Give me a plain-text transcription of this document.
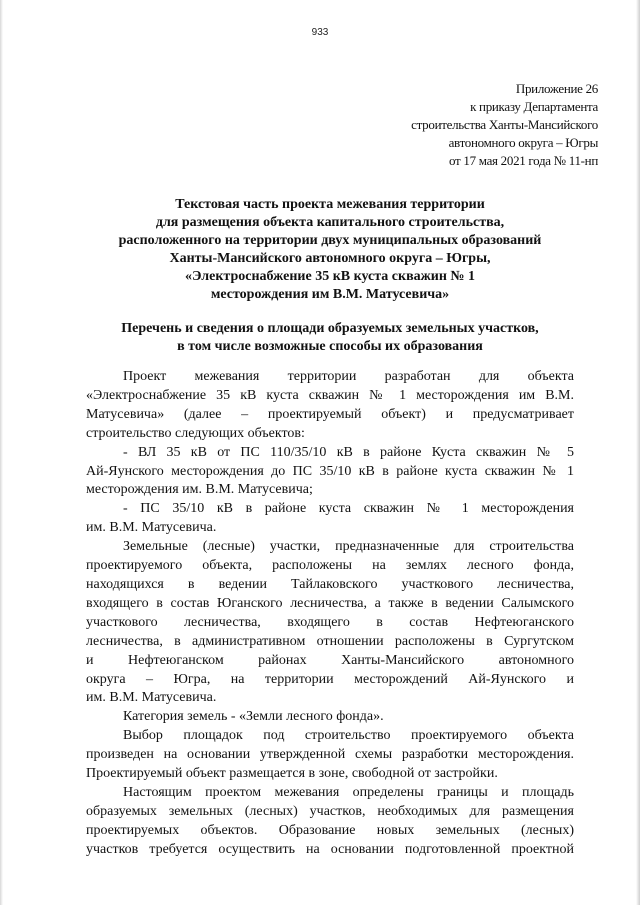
933
Приложение 26
к приказу Департамента
строительства Ханты-Мансийского
автономного округа – Югры
от 17 мая 2021 года № 11-нп
Текстовая часть проекта межевания территории
для размещения объекта капитального строительства,
расположенного на территории двух муниципальных образований
Ханты-Мансийского автономного округа – Югры,
«Электроснабжение 35 кВ куста скважин № 1
месторождения им В.М. Матусевича»
Перечень и сведения о площади образуемых земельных участков,
в том числе возможные способы их образования
Проект межевания территории разработан для объекта
«Электроснабжение 35 кВ куста скважин № 1 месторождения им В.М.
Матусевича» (далее – проектируемый объект) и предусматривает
строительство следующих объектов:
- ВЛ 35 кВ от ПС 110/35/10 кВ в районе Куста скважин № 5
Ай-Яунского месторождения до ПС 35/10 кВ в районе куста скважин № 1
месторождения им. В.М. Матусевича;
- ПС 35/10 кВ в районе куста скважин № 1 месторождения
им. В.М. Матусевича.
Земельные (лесные) участки, предназначенные для строительства
проектируемого объекта, расположены на землях лесного фонда,
находящихся в ведении Тайлаковского участкового лесничества,
входящего в состав Юганского лесничества, а также в ведении Салымского
участкового лесничества, входящего в состав Нефтеюганского
лесничества, в административном отношении расположены в Сургутском
и Нефтеюганском районах Ханты-Мансийского автономного
округа – Югра, на территории месторождений Ай-Яунского и
им. В.М. Матусевича.
Категория земель - «Земли лесного фонда».
Выбор площадок под строительство проектируемого объекта
произведен на основании утвержденной схемы разработки месторождения.
Проектируемый объект размещается в зоне, свободной от застройки.
Настоящим проектом межевания определены границы и площадь
образуемых земельных (лесных) участков, необходимых для размещения
проектируемых объектов. Образование новых земельных (лесных)
участков требуется осуществить на основании подготовленной проектной
